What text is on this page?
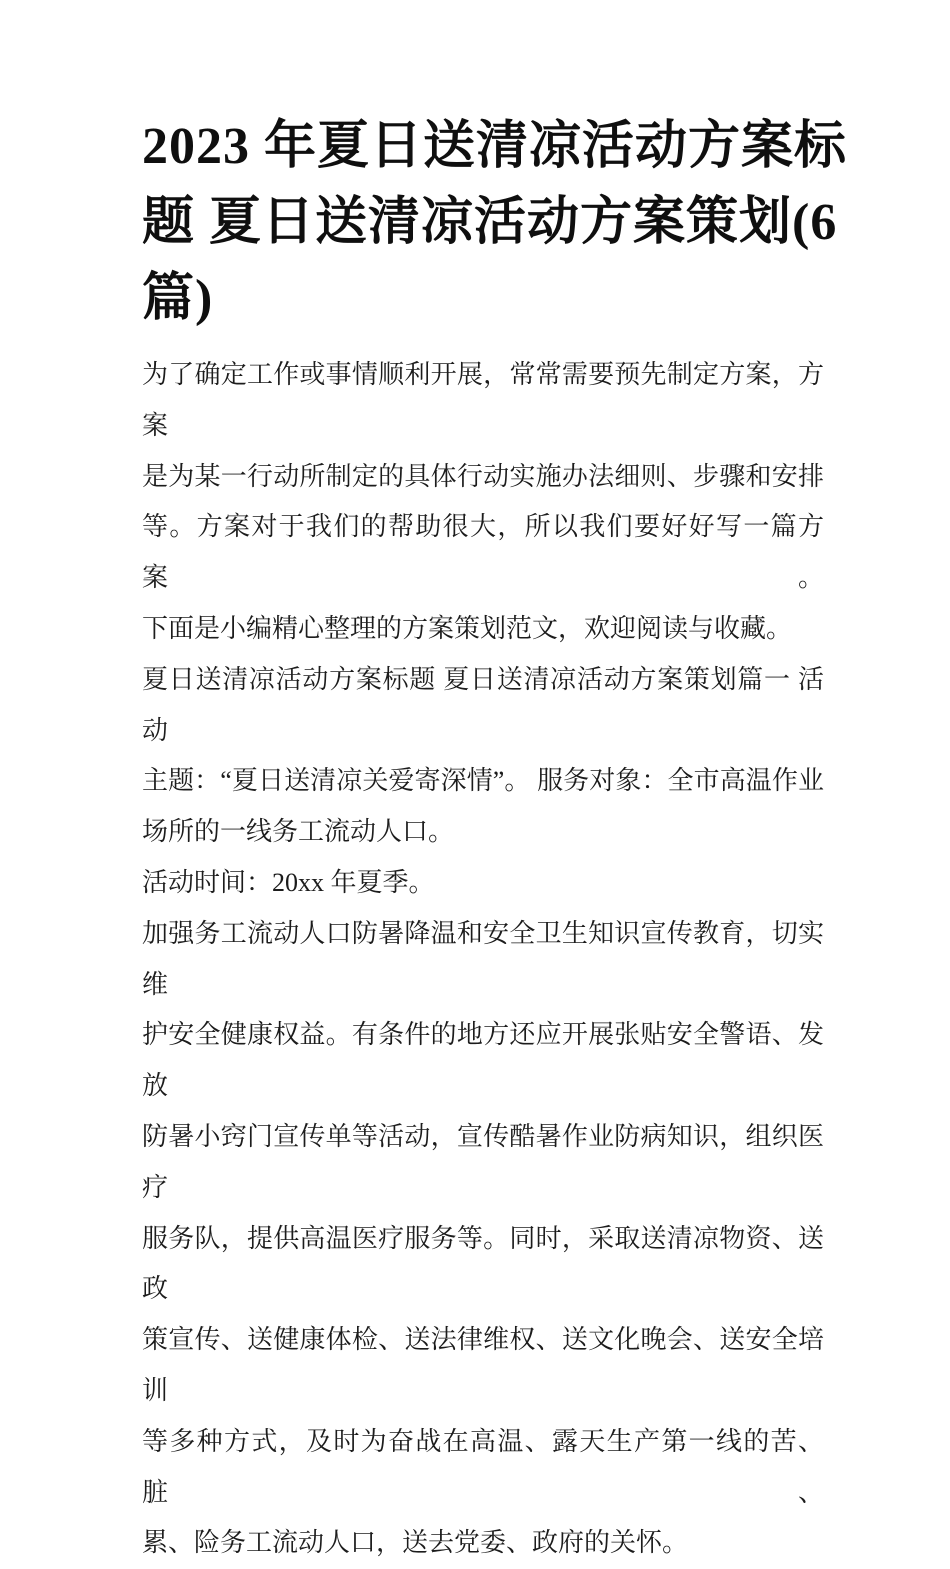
2023 年夏日送清凉活动方案标
题 夏日送清凉活动方案策划(6
篇)
为了确定工作或事情顺利开展，常常需要预先制定方案，方案
是为某一行动所制定的具体行动实施办法细则、步骤和安排
等。方案对于我们的帮助很大，所以我们要好好写一篇方案。
下面是小编精心整理的方案策划范文，欢迎阅读与收藏。
夏日送清凉活动方案标题 夏日送清凉活动方案策划篇一 活动
主题：“夏日送清凉关爱寄深情”。 服务对象：全市高温作业
场所的一线务工流动人口。
活动时间：20xx 年夏季。
加强务工流动人口防暑降温和安全卫生知识宣传教育，切实维
护安全健康权益。有条件的地方还应开展张贴安全警语、发放
防暑小窍门宣传单等活动，宣传酷暑作业防病知识，组织医疗
服务队，提供高温医疗服务等。同时，采取送清凉物资、送政
策宣传、送健康体检、送法律维权、送文化晚会、送安全培训
等多种方式，及时为奋战在高温、露天生产第一线的苦、脏、
累、险务工流动人口，送去党委、政府的关怀。
